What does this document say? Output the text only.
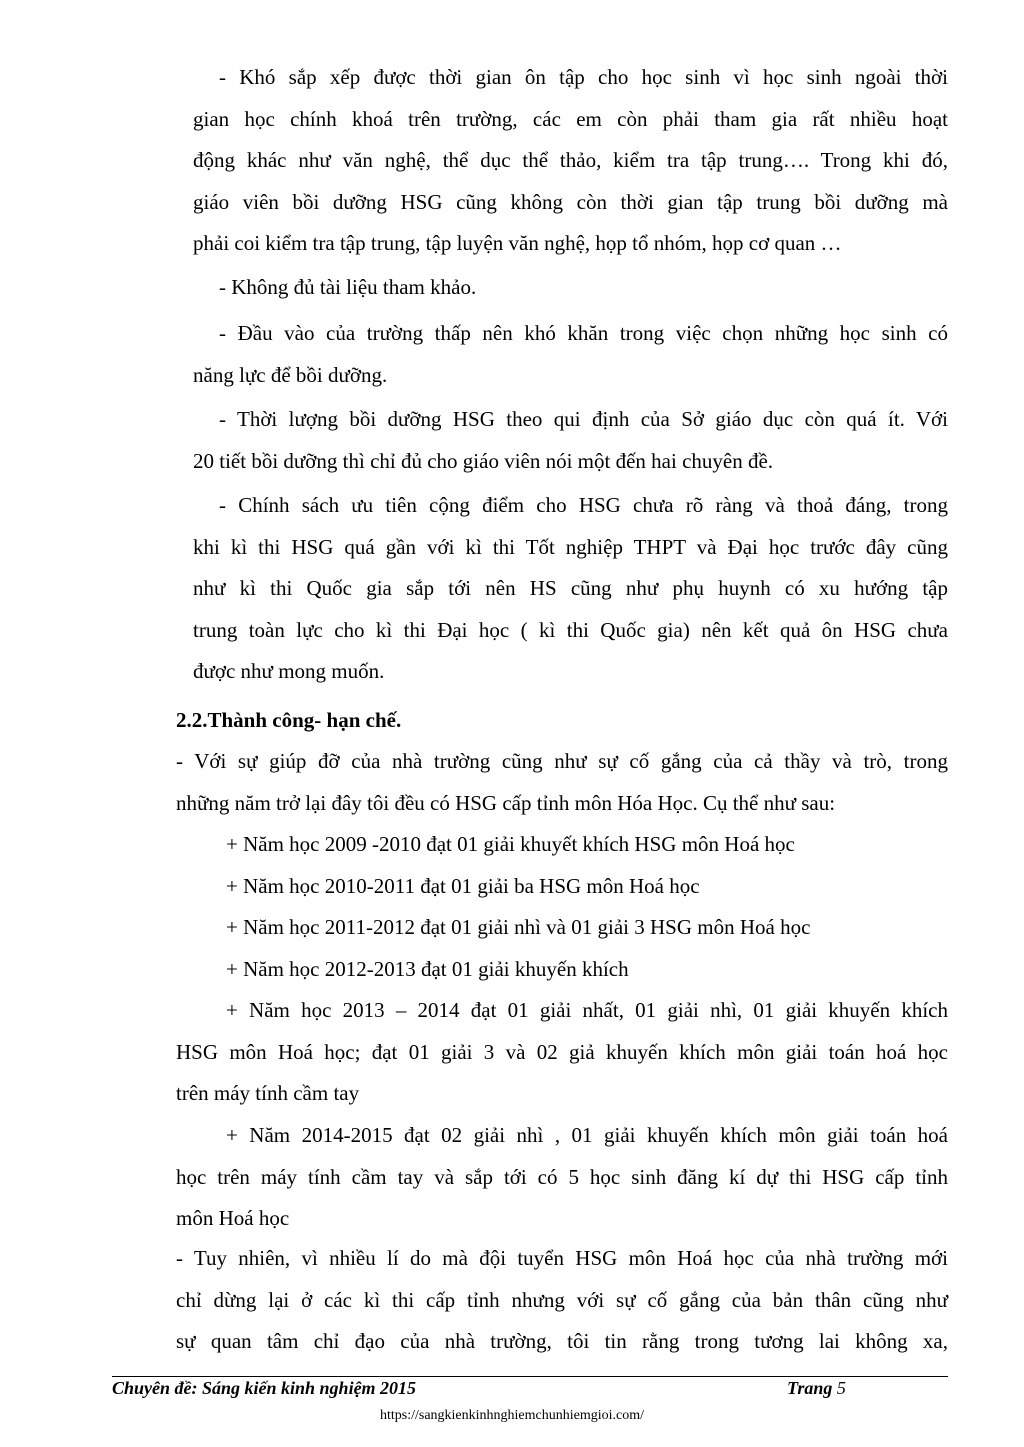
- Khó sắp xếp được thời gian ôn tập cho học sinh vì học sinh ngoài thời
gian học chính khoá trên trường, các em còn phải tham gia rất nhiều hoạt
động khác như văn nghệ, thể dục thể thảo, kiểm tra tập trung…. Trong khi đó,
giáo viên bồi dưỡng HSG cũng không còn thời gian tập trung bồi dưỡng mà
phải coi kiểm tra tập trung, tập luyện văn nghệ, họp tổ nhóm, họp cơ quan …
- Không đủ tài liệu tham khảo.
- Đầu vào của trường thấp nên khó khăn trong việc chọn những học sinh có
năng lực để bồi dưỡng.
- Thời lượng bồi dưỡng HSG theo qui định của Sở giáo dục còn quá ít. Với
20 tiết bồi dưỡng thì chỉ đủ cho giáo viên nói một đến hai chuyên đề.
- Chính sách ưu tiên cộng điểm cho HSG chưa rõ ràng và thoả đáng, trong
khi kì thi HSG quá gần với kì thi Tốt nghiệp THPT và Đại học trước đây cũng
như kì thi Quốc gia sắp tới nên HS cũng như phụ huynh có xu hướng tập
trung toàn lực cho kì thi Đại học ( kì thi Quốc gia) nên kết quả ôn HSG chưa
được như mong muốn.
2.2.Thành công- hạn chế.
- Với sự giúp đỡ của nhà trường cũng như sự cố gắng của cả thầy và trò, trong
những năm trở lại đây tôi đều có HSG cấp tỉnh môn Hóa Học. Cụ thể như sau:
+ Năm học 2009 -2010 đạt 01 giải khuyết khích HSG môn Hoá học
+ Năm học 2010-2011 đạt 01 giải ba HSG môn Hoá học
+ Năm học 2011-2012 đạt 01 giải nhì và 01 giải 3 HSG môn Hoá học
+ Năm học 2012-2013 đạt 01 giải khuyến khích
+ Năm học 2013 – 2014 đạt 01 giải nhất, 01 giải nhì, 01 giải khuyến khích
HSG môn Hoá học; đạt 01 giải 3 và 02 giả khuyến khích môn giải toán hoá học
trên máy tính cầm tay
+ Năm 2014-2015 đạt 02 giải nhì , 01 giải khuyến khích môn giải toán hoá
học trên máy tính cầm tay và sắp tới có 5 học sinh đăng kí dự thi HSG cấp tỉnh
môn Hoá học
- Tuy nhiên, vì nhiều lí do mà đội tuyển HSG môn Hoá học của nhà trường mới
chỉ dừng lại ở các kì thi cấp tỉnh nhưng với sự cố gắng của bản thân cũng như
sự quan tâm chỉ đạo của nhà trường, tôi tin rằng trong tương lai không xa,
Chuyên đề: Sáng kiến kinh nghiệm 2015	Trang 5
https://sangkienkinhnghiemchunhiemgioi.com/
